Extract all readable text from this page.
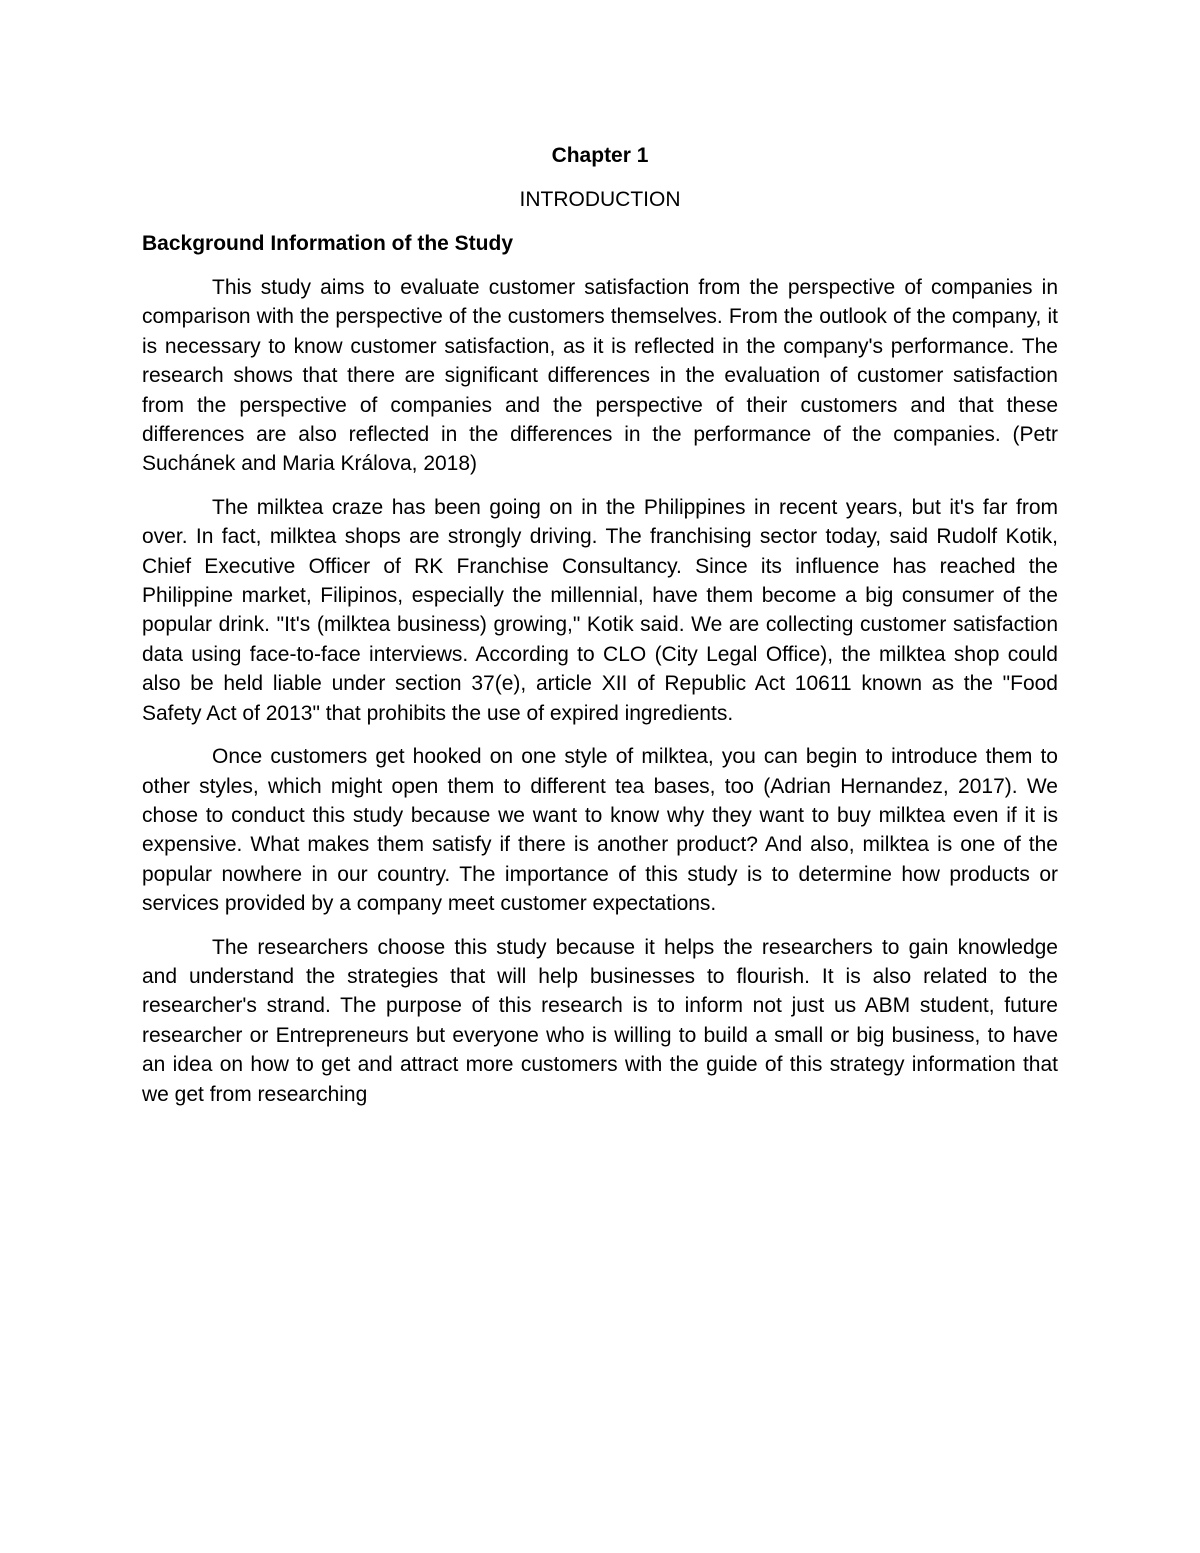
Chapter 1
INTRODUCTION
Background Information of the Study

This study aims to evaluate customer satisfaction from the perspective of companies in comparison with the perspective of the customers themselves. From the outlook of the company, it is necessary to know customer satisfaction, as it is reflected in the company's performance. The research shows that there are significant differences in the evaluation of customer satisfaction from the perspective of companies and the perspective of their customers and that these differences are also reflected in the differences in the performance of the companies. (Petr Suchánek and Maria Králova, 2018)

The milktea craze has been going on in the Philippines in recent years, but it's far from over. In fact, milktea shops are strongly driving. The franchising sector today, said Rudolf Kotik, Chief Executive Officer of RK Franchise Consultancy. Since its influence has reached the Philippine market, Filipinos, especially the millennial, have them become a big consumer of the popular drink. "It's (milktea business) growing," Kotik said. We are collecting customer satisfaction data using face-to-face interviews. According to CLO (City Legal Office), the milktea shop could also be held liable under section 37(e), article XII of Republic Act 10611 known as the "Food Safety Act of 2013" that prohibits the use of expired ingredients.

Once customers get hooked on one style of milktea, you can begin to introduce them to other styles, which might open them to different tea bases, too (Adrian Hernandez, 2017). We chose to conduct this study because we want to know why they want to buy milktea even if it is expensive. What makes them satisfy if there is another product? And also, milktea is one of the popular nowhere in our country. The importance of this study is to determine how products or services provided by a company meet customer expectations.

The researchers choose this study because it helps the researchers to gain knowledge and understand the strategies that will help businesses to flourish. It is also related to the researcher's strand. The purpose of this research is to inform not just us ABM student, future researcher or Entrepreneurs but everyone who is willing to build a small or big business, to have an idea on how to get and attract more customers with the guide of this strategy information that we get from researching
